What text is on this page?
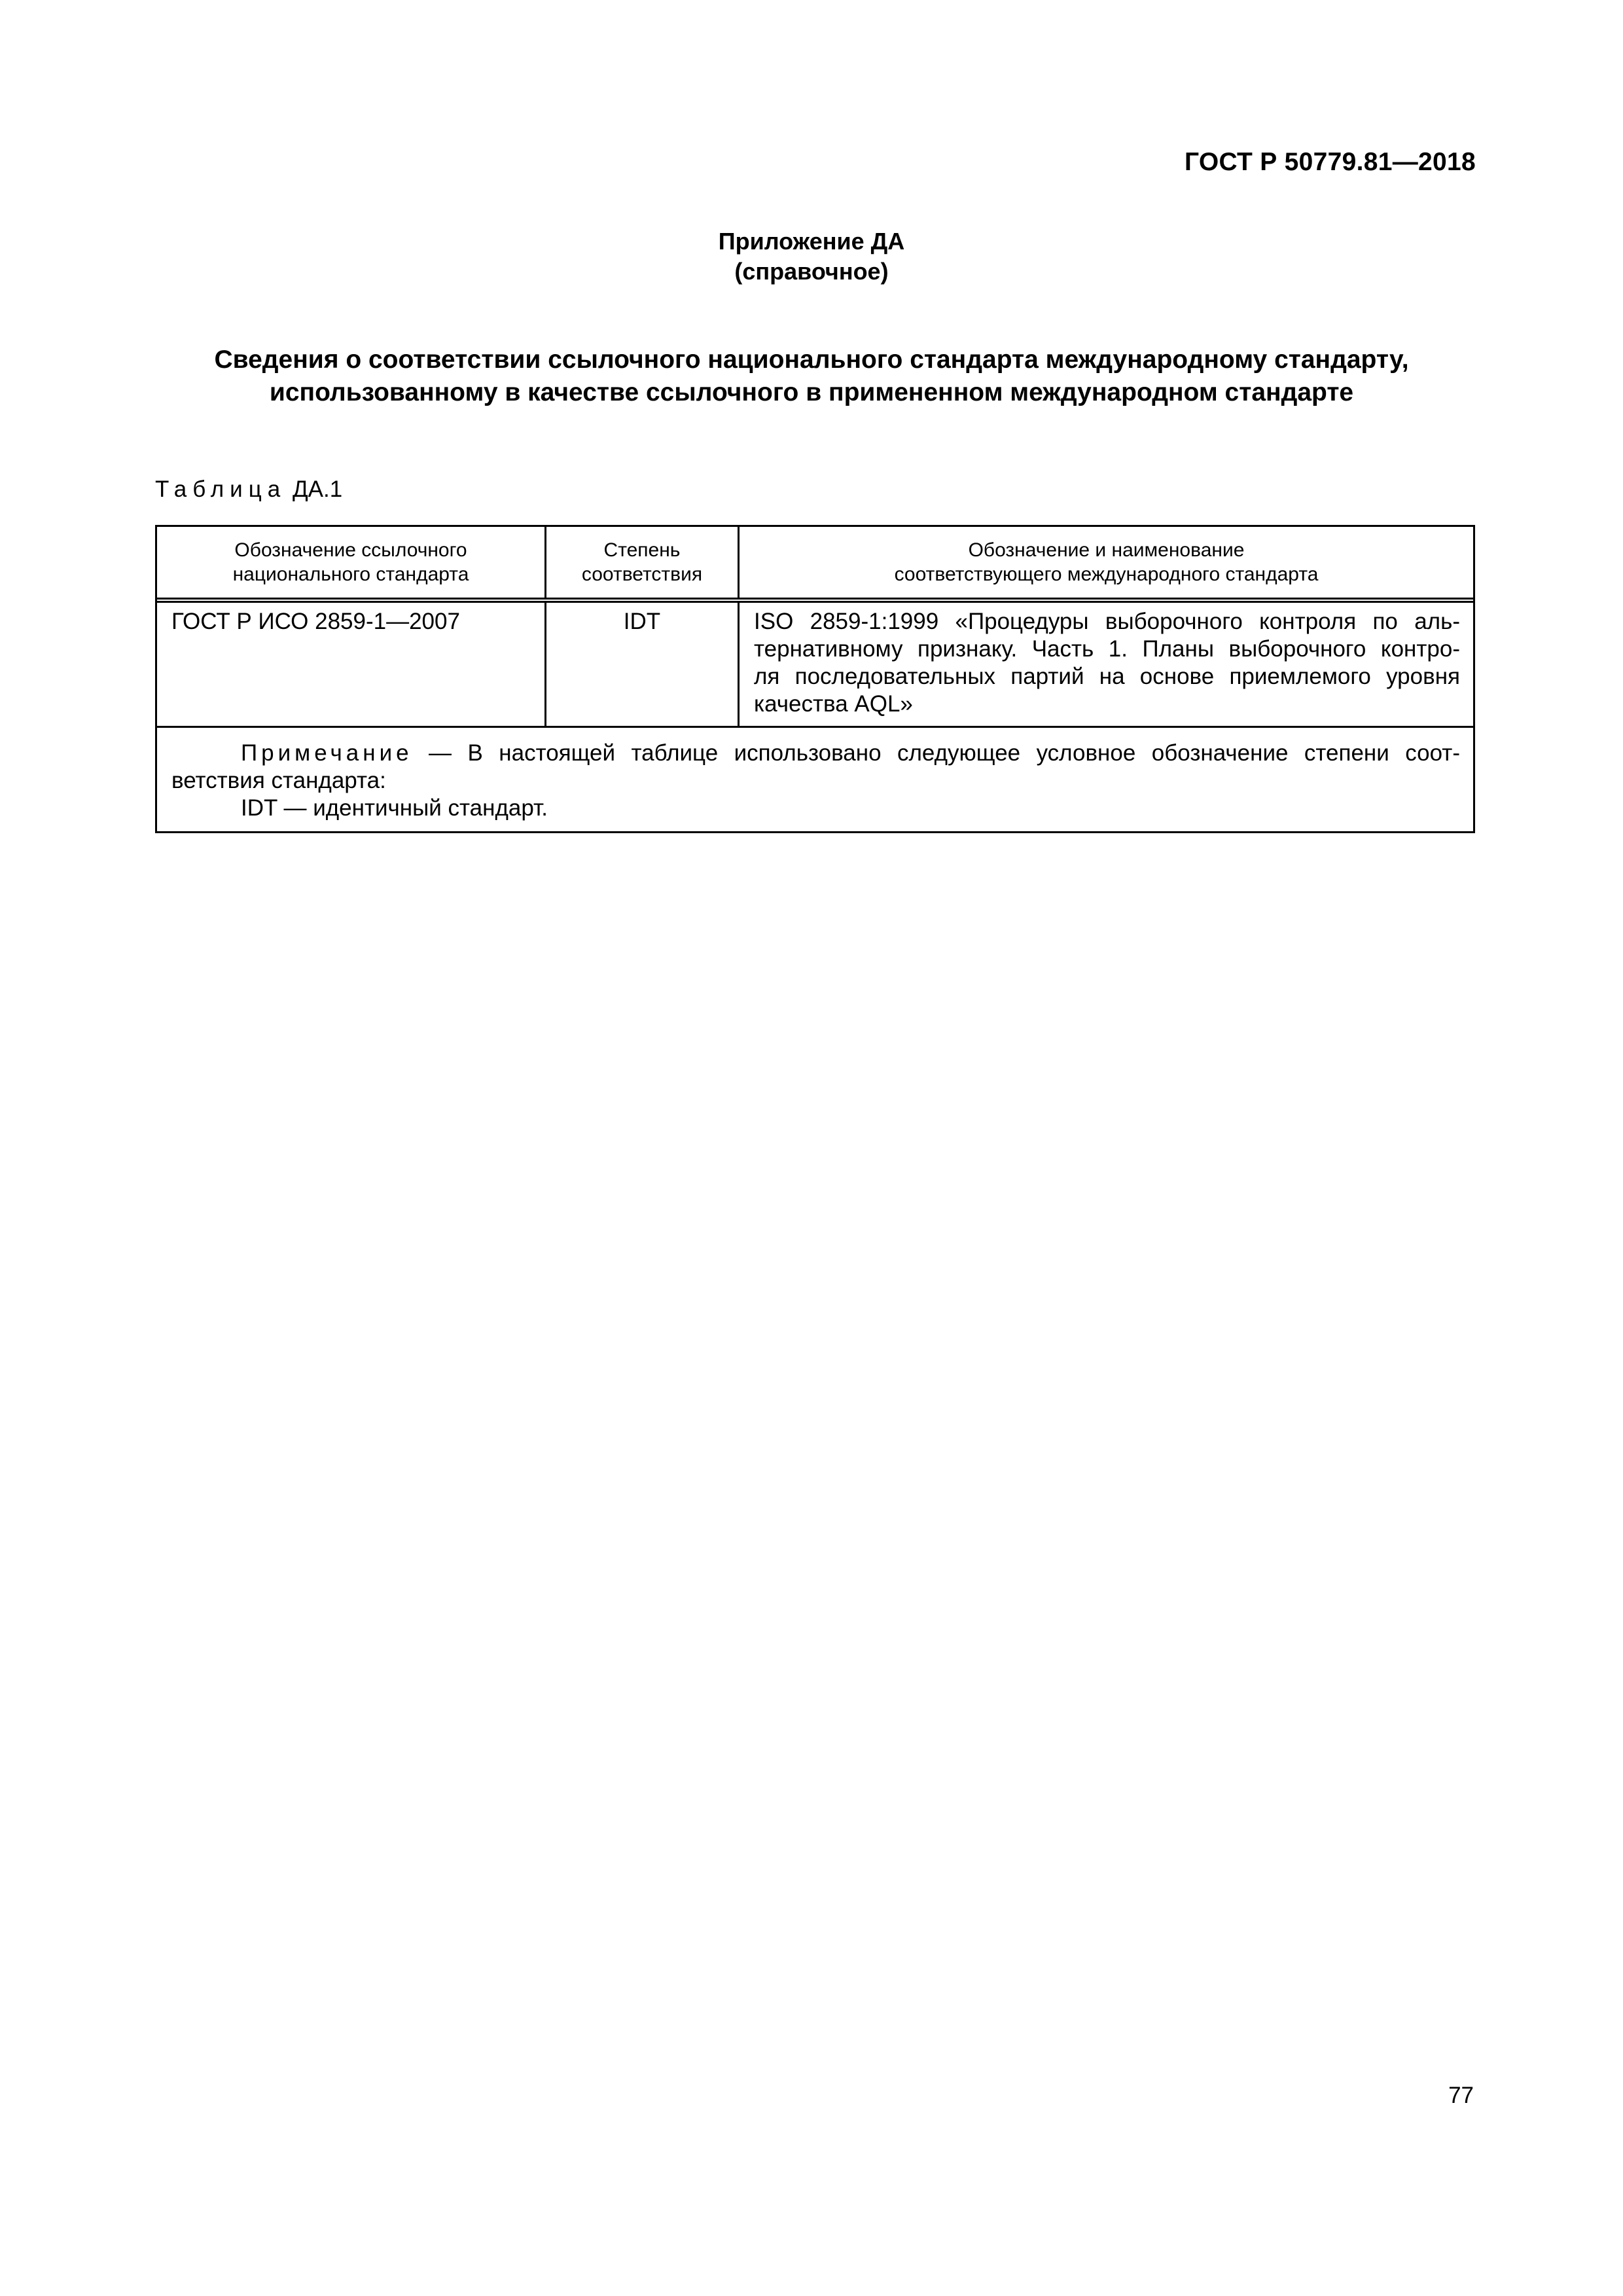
ГОСТ Р 50779.81—2018
Приложение ДА
(справочное)
Сведения о соответствии ссылочного национального стандарта международному стандарту,
использованному в качестве ссылочного в примененном международном стандарте
Таблица ДА.1
Обозначение ссылочного
национального стандарта
Степень
соответствия
Обозначение и наименование
соответствующего международного стандарта
ГОСТ Р ИСО 2859-1—2007	IDT	ISO 2859-1:1999 «Процедуры выборочного контроля по аль-
тернативному признаку. Часть 1. Планы выборочного контро-
ля последовательных партий на основе приемлемого уровня
качества AQL»
Примечание — В настоящей таблице использовано следующее условное обозначение степени соот-
ветствия стандарта:
IDT — идентичный стандарт.
77
